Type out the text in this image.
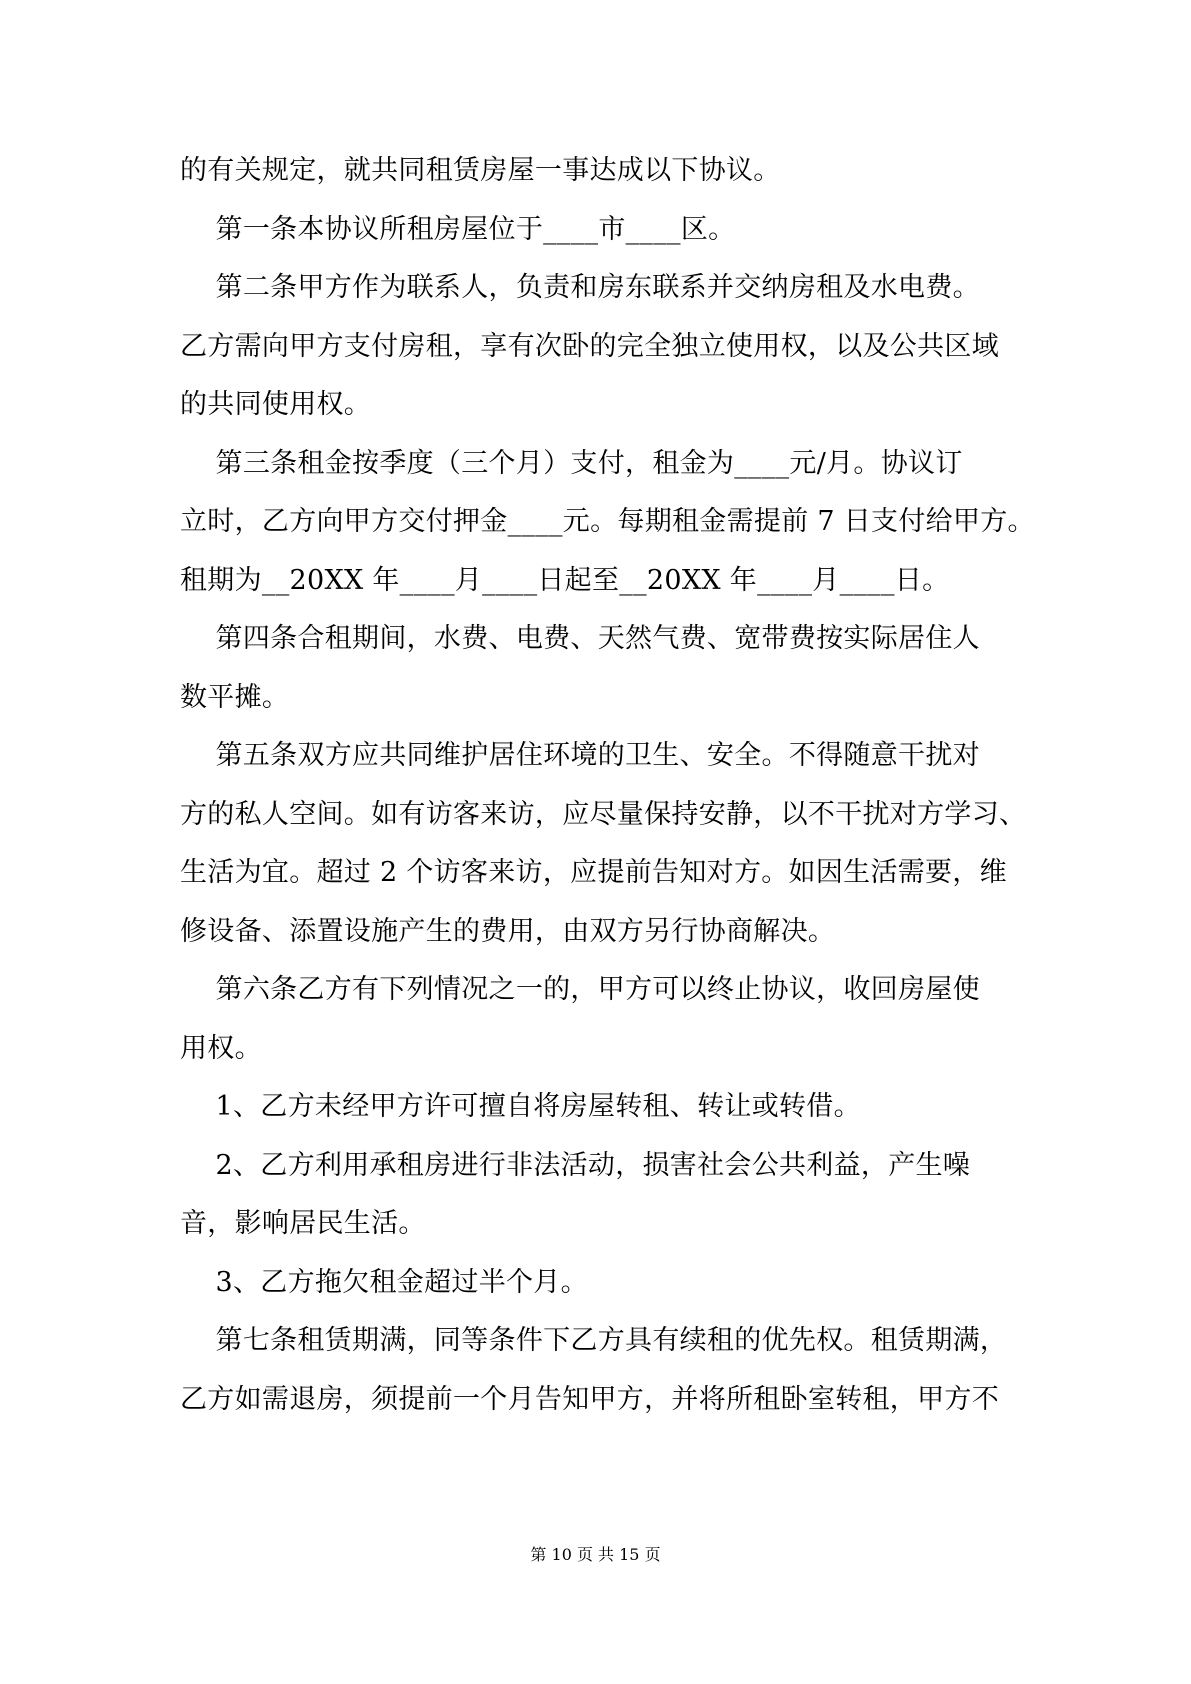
的有关规定，就共同租赁房屋一事达成以下协议。

第一条本协议所租房屋位于____市____区。

第二条甲方作为联系人，负责和房东联系并交纳房租及水电费。

乙方需向甲方支付房租，享有次卧的完全独立使用权，以及公共区域

的共同使用权。

第三条租金按季度（三个月）支付，租金为____元/月。协议订

立时，乙方向甲方交付押金____元。每期租金需提前 7 日支付给甲方。

租期为__20XX 年____月____日起至__20XX 年____月____日。

第四条合租期间，水费、电费、天然气费、宽带费按实际居住人

数平摊。

第五条双方应共同维护居住环境的卫生、安全。不得随意干扰对

方的私人空间。如有访客来访，应尽量保持安静，以不干扰对方学习、

生活为宜。超过 2 个访客来访，应提前告知对方。如因生活需要，维

修设备、添置设施产生的费用，由双方另行协商解决。

第六条乙方有下列情况之一的，甲方可以终止协议，收回房屋使

用权。

1、乙方未经甲方许可擅自将房屋转租、转让或转借。

2、乙方利用承租房进行非法活动，损害社会公共利益，产生噪

音，影响居民生活。

3、乙方拖欠租金超过半个月。

第七条租赁期满，同等条件下乙方具有续租的优先权。租赁期满，

乙方如需退房，须提前一个月告知甲方，并将所租卧室转租，甲方不

第 10 页 共 15 页
